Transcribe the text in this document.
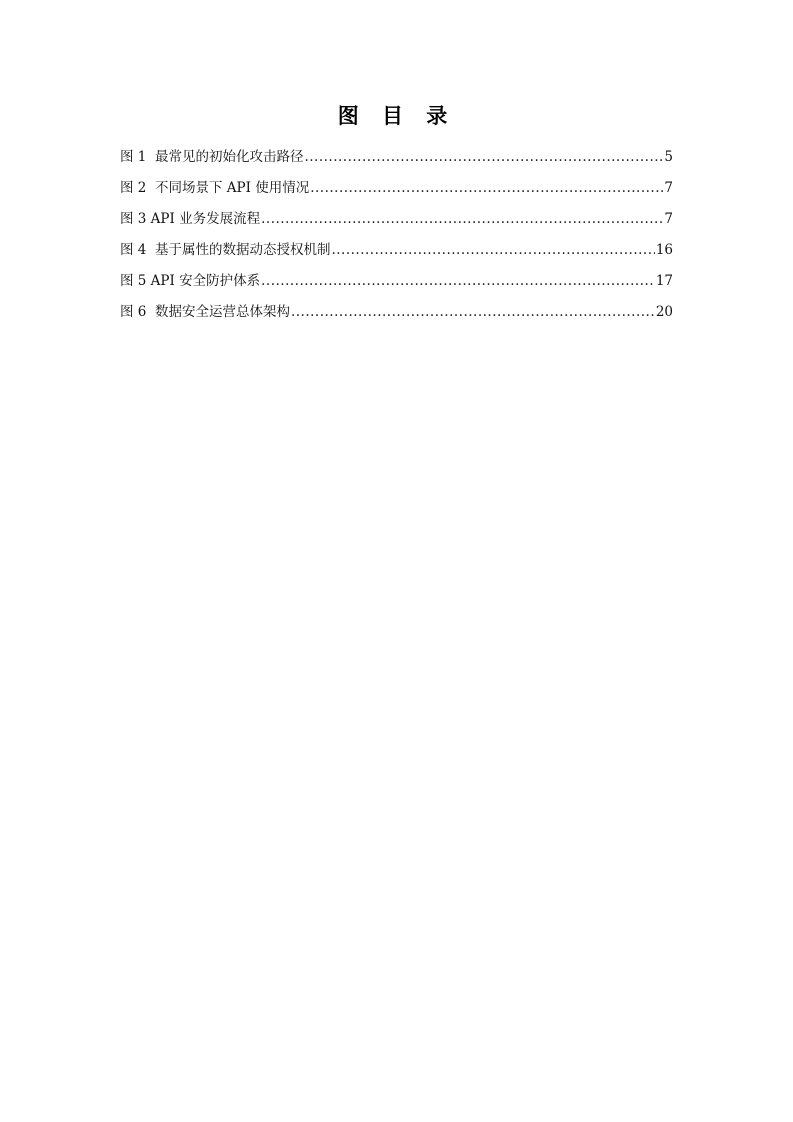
图 目 录
图 1  最常见的初始化攻击路径 .....	5
图 2  不同场景下 API 使用情况 .....	7
图 3 API 业务发展流程 .....	7
图 4  基于属性的数据动态授权机制 .....	16
图 5 API 安全防护体系 .....	17
图 6  数据安全运营总体架构 .....	20
